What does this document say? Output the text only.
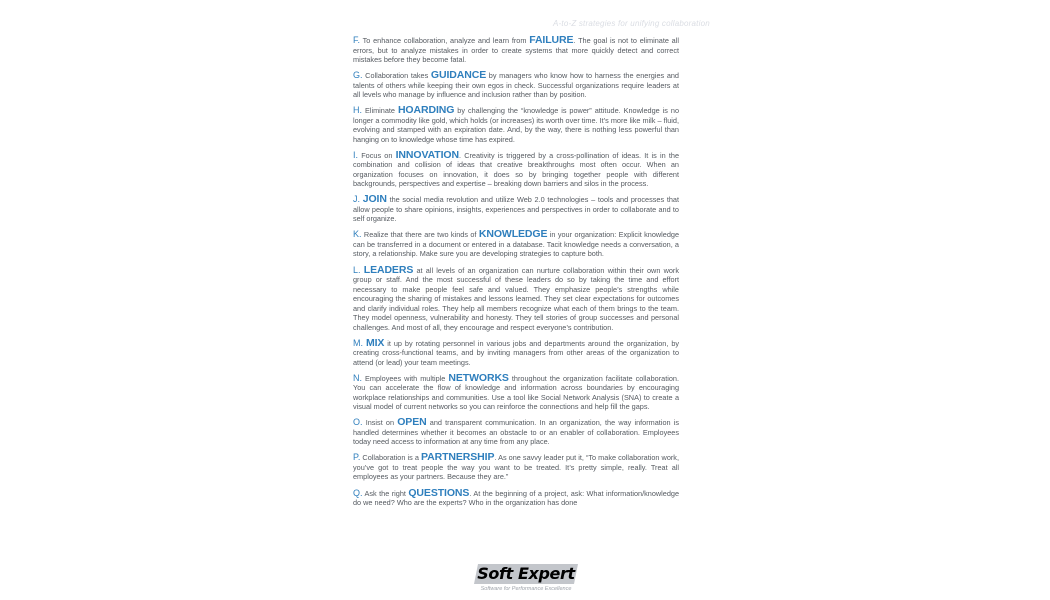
A-to-Z strategies for unifying collaboration

F. To enhance collaboration, analyze and learn from FAILURE. The goal is not to eliminate all errors, but to analyze mistakes in order to create systems that more quickly detect and correct mistakes before they become fatal.

G. Collaboration takes GUIDANCE by managers who know how to harness the energies and talents of others while keeping their own egos in check. Successful organizations require leaders at all levels who manage by influence and inclusion rather than by position.

H. Eliminate HOARDING by challenging the “knowledge is power” attitude. Knowledge is no longer a commodity like gold, which holds (or increases) its worth over time. It’s more like milk – fluid, evolving and stamped with an expiration date. And, by the way, there is nothing less powerful than hanging on to knowledge whose time has expired.

I. Focus on INNOVATION. Creativity is triggered by a cross-pollination of ideas. It is in the combination and collision of ideas that creative breakthroughs most often occur. When an organization focuses on innovation, it does so by bringing together people with different backgrounds, perspectives and expertise – breaking down barriers and silos in the process.

J. JOIN the social media revolution and utilize Web 2.0 technologies – tools and processes that allow people to share opinions, insights, experiences and perspectives in order to collaborate and to self organize.

K. Realize that there are two kinds of KNOWLEDGE in your organization: Explicit knowledge can be transferred in a document or entered in a database. Tacit knowledge needs a conversation, a story, a relationship. Make sure you are developing strategies to capture both.

L. LEADERS at all levels of an organization can nurture collaboration within their own work group or staff. And the most successful of these leaders do so by taking the time and effort necessary to make people feel safe and valued. They emphasize people’s strengths while encouraging the sharing of mistakes and lessons learned. They set clear expectations for outcomes and clarify individual roles. They help all members recognize what each of them brings to the team. They model openness, vulnerability and honesty. They tell stories of group successes and personal challenges. And most of all, they encourage and respect everyone’s contribution.

M. MIX it up by rotating personnel in various jobs and departments around the organization, by creating cross-functional teams, and by inviting managers from other areas of the organization to attend (or lead) your team meetings.

N. Employees with multiple NETWORKS throughout the organization facilitate collaboration. You can accelerate the flow of knowledge and information across boundaries by encouraging workplace relationships and communities. Use a tool like Social Network Analysis (SNA) to create a visual model of current networks so you can reinforce the connections and help fill the gaps.

O. Insist on OPEN and transparent communication. In an organization, the way information is handled determines whether it becomes an obstacle to or an enabler of collaboration. Employees today need access to information at any time from any place.

P. Collaboration is a PARTNERSHIP. As one savvy leader put it, “To make collaboration work, you’ve got to treat people the way you want to be treated. It’s pretty simple, really. Treat all employees as your partners. Because they are.”

Q. Ask the right QUESTIONS. At the beginning of a project, ask: What information/knowledge do we need? Who are the experts? Who in the organization has done

Soft Expert
Software for Performance Excellence
